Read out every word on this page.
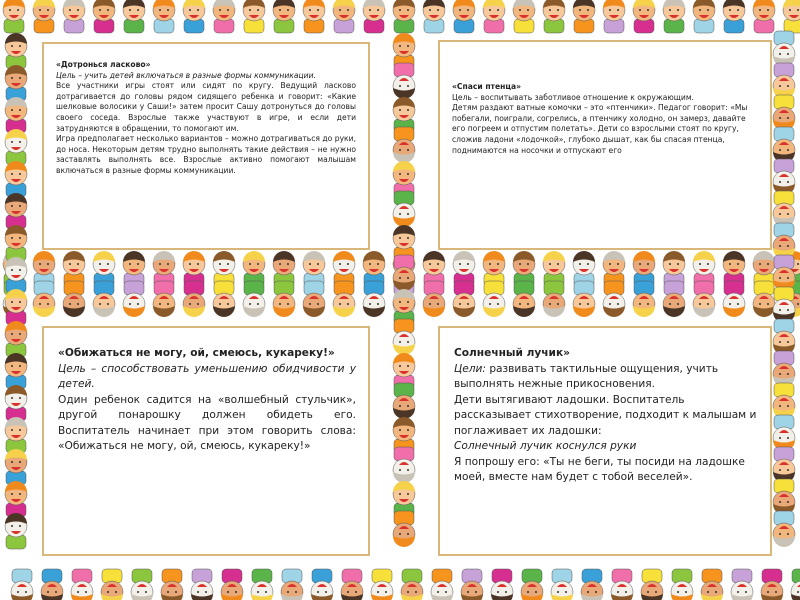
«Дотронься ласково»

Цель – учить детей включаться в разные формы коммуникации.

Все участники игры стоят или сидят по кругу. Ведущий ласково дотрагивается до головы рядом сидящего ребенка и говорит: «Какие шелковые волосики у Саши!» затем просит Сашу дотронуться до головы своего соседа. Взрослые также участвуют в игре, и если дети затрудняются в обращении, то помогают им.

Игра предполагает несколько вариантов – можно дотрагиваться до руки, до носа. Некоторым детям трудно выполнять такие действия – не нужно заставлять выполнять все. Взрослые активно помогают малышам включаться в разные формы коммуникации.

«Спаси птенца»

Цель – воспитывать заботливое отношение к окружающим.

Детям раздают ватные комочки – это «птенчики». Педагог говорит: «Мы побегали, поиграли, согрелись, а птенчику холодно, он замерз, давайте его погреем и отпустим полетать». Дети со взрослыми стоят по кругу, сложив ладони «лодочкой», глубоко дышат, как бы спасая птенца, поднимаются на носочки и отпускают его

«Обижаться не могу, ой, смеюсь, кукареку!»

Цель – способствовать уменьшению обидчивости у детей.

Один ребенок садится на «волшебный стульчик», другой понарошку должен обидеть его. Воспитатель начинает при этом говорить слова: «Обижаться не могу, ой, смеюсь, кукареку!»

Солнечный лучик»

Цели: развивать тактильные ощущения, учить выполнять нежные прикосновения.

Дети вытягивают ладошки. Воспитатель рассказывает стихотворение, подходит к малышам и поглаживает их ладошки:

Солнечный лучик коснулся руки

Я попрошу его: «Ты не беги, ты посиди на ладошке моей, вместе нам будет с тобой веселей».
